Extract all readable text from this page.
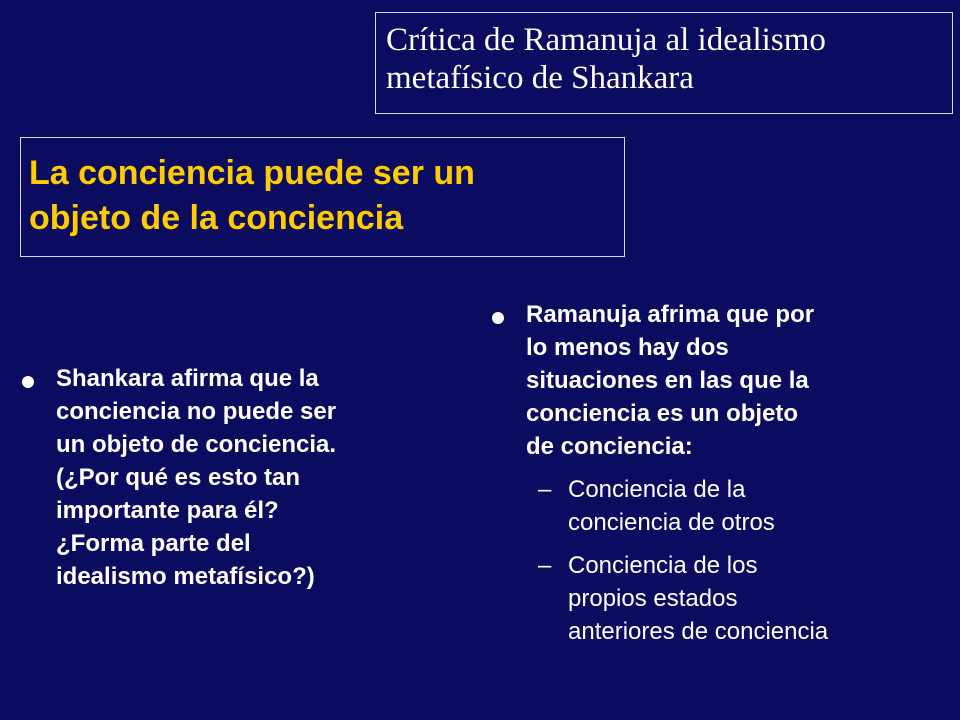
Crítica de Ramanuja al idealismo
metafísico de Shankara
La conciencia puede ser un
objeto de la conciencia
Shankara afirma que la
conciencia no puede ser
un objeto de conciencia.
(¿Por qué es esto tan
importante para él?
¿Forma parte del
idealismo metafísico?)
Ramanuja afrima que por
lo menos hay dos
situaciones en las que la
conciencia es un objeto
de conciencia:
– Conciencia de la
conciencia de otros
– Conciencia de los
propios estados
anteriores de conciencia
